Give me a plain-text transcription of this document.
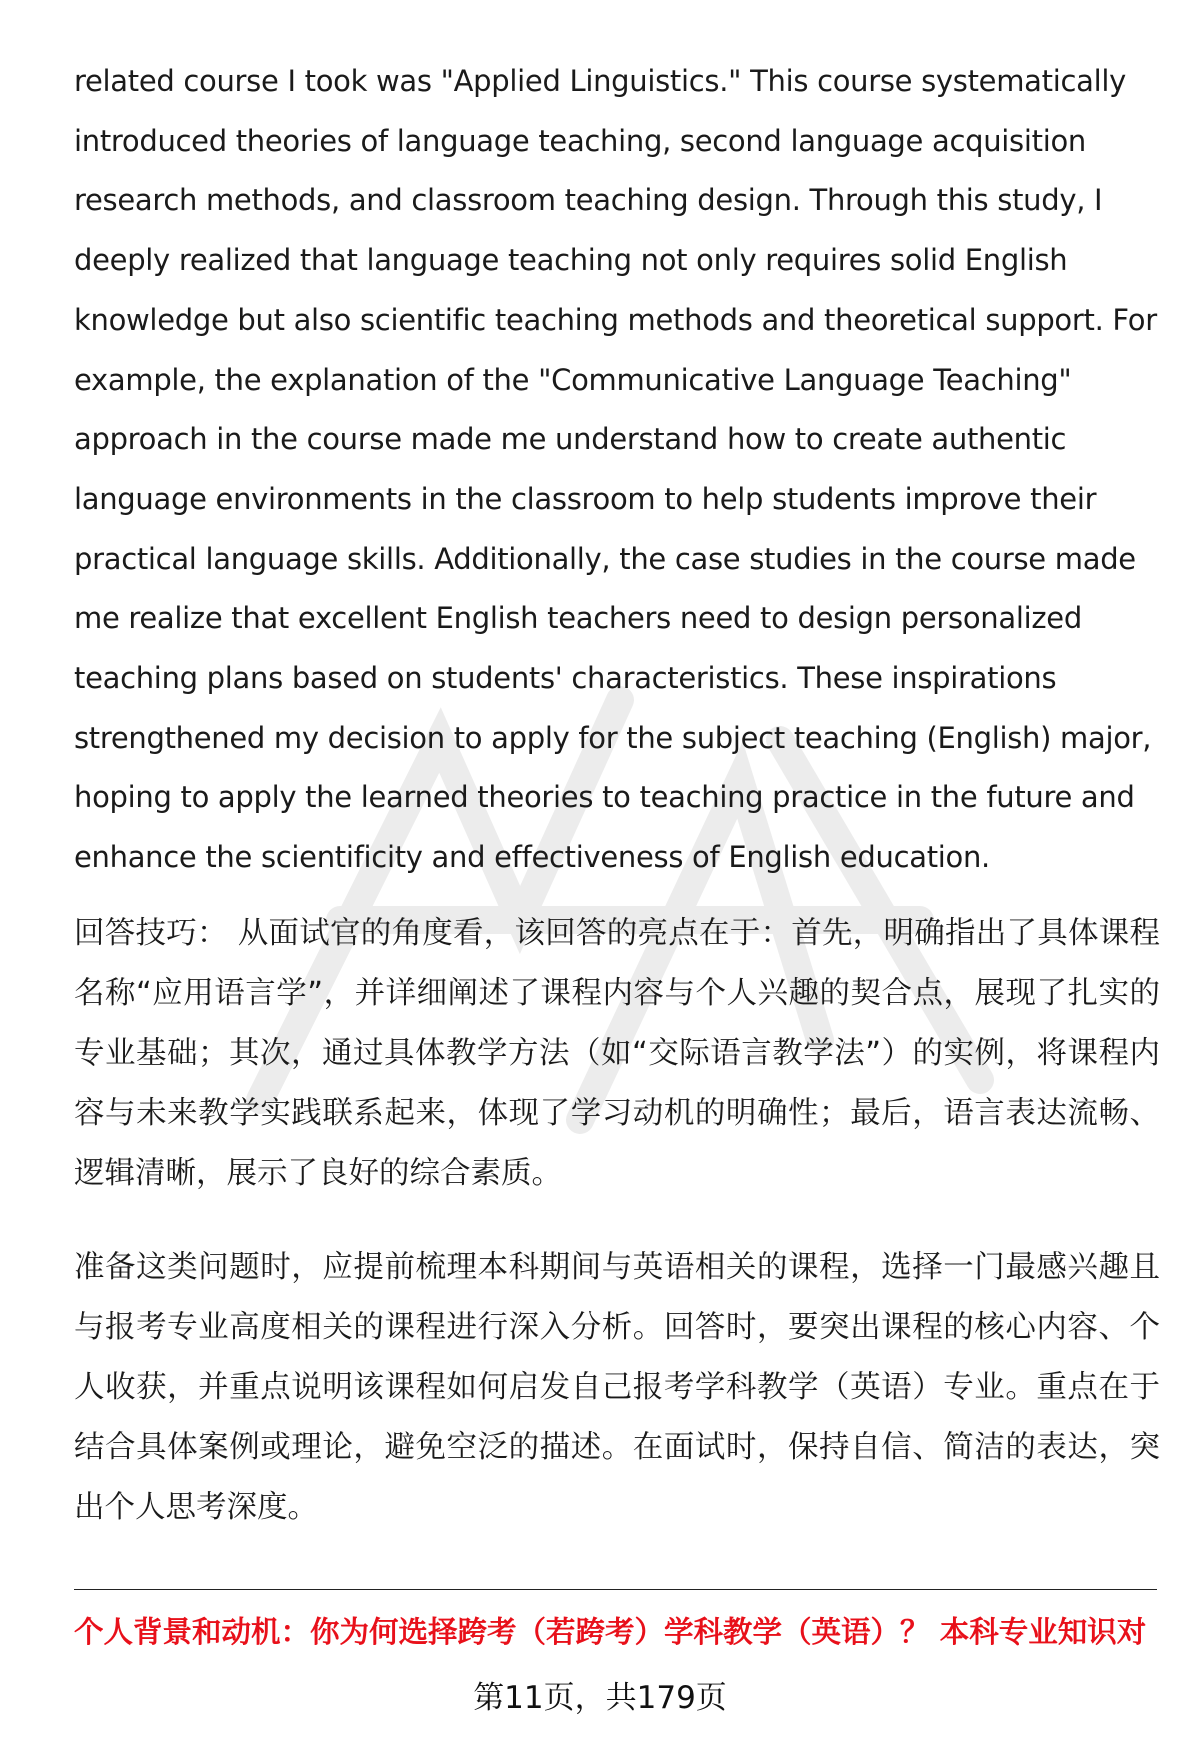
related course I took was "Applied Linguistics." This course systematically
introduced theories of language teaching, second language acquisition
research methods, and classroom teaching design. Through this study, I
deeply realized that language teaching not only requires solid English
knowledge but also scientific teaching methods and theoretical support. For
example, the explanation of the "Communicative Language Teaching"
approach in the course made me understand how to create authentic
language environments in the classroom to help students improve their
practical language skills. Additionally, the case studies in the course made
me realize that excellent English teachers need to design personalized
teaching plans based on students' characteristics. These inspirations
strengthened my decision to apply for the subject teaching (English) major,
hoping to apply the learned theories to teaching practice in the future and
enhance the scientificity and effectiveness of English education.

回答技巧： 从面试官的角度看，该回答的亮点在于：首先，明确指出了具体课程名称“应用语言学”，并详细阐述了课程内容与个人兴趣的契合点，展现了扎实的专业基础；其次，通过具体教学方法（如“交际语言教学法”）的实例，将课程内容与未来教学实践联系起来，体现了学习动机的明确性；最后，语言表达流畅、逻辑清晰，展示了良好的综合素质。

准备这类问题时，应提前梳理本科期间与英语相关的课程，选择一门最感兴趣且与报考专业高度相关的课程进行深入分析。回答时，要突出课程的核心内容、个人收获，并重点说明该课程如何启发自己报考学科教学（英语）专业。重点在于结合具体案例或理论，避免空泛的描述。在面试时，保持自信、简洁的表达，突出个人思考深度。

个人背景和动机：你为何选择跨考（若跨考）学科教学（英语）？ 本科专业知识对
第11页，共179页
